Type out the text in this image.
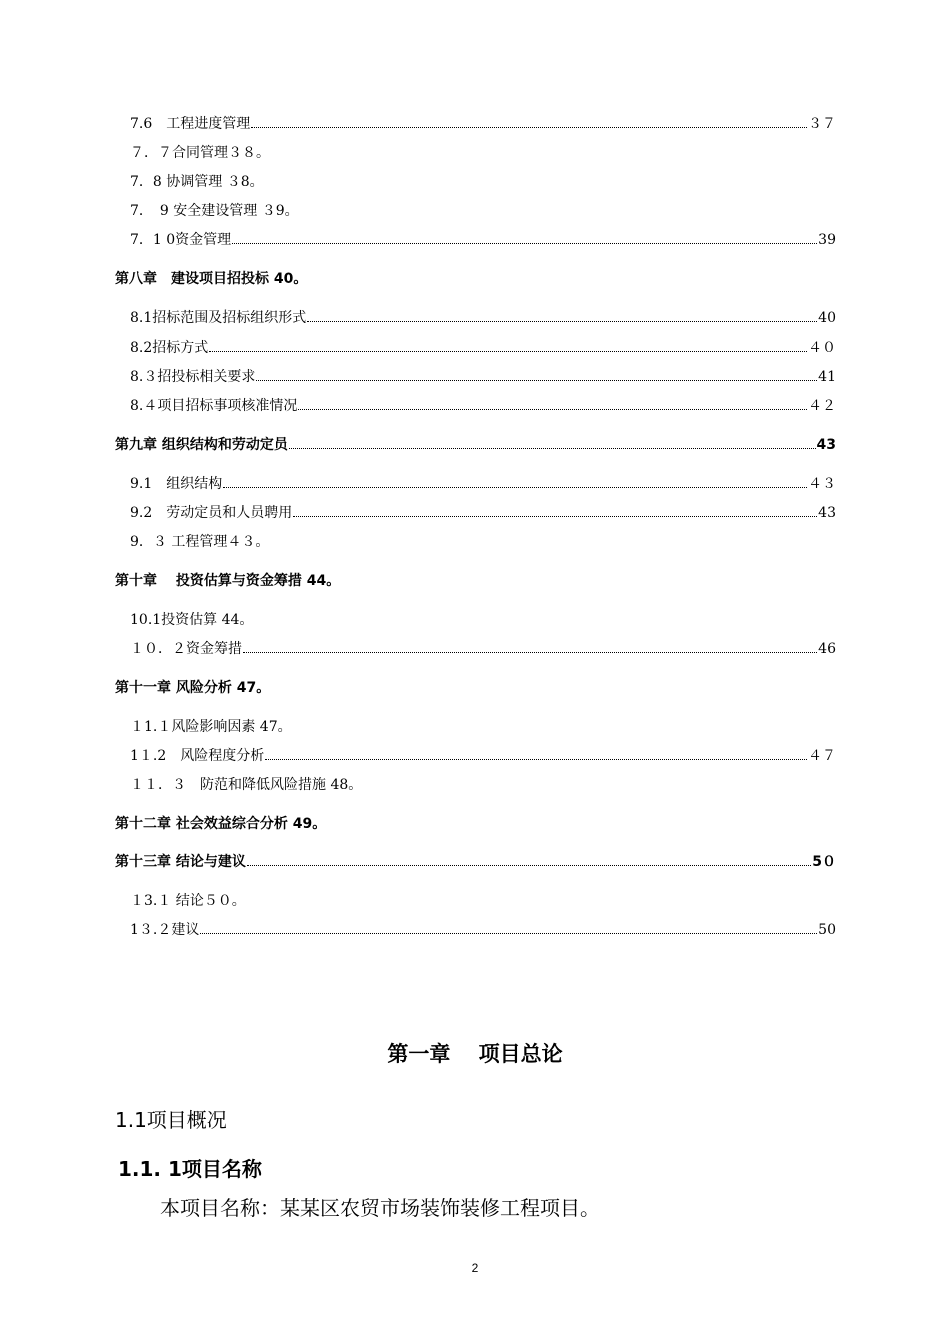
7.6　工程进度管理	３７
７．７合同管理３８。
7．8 协调管理 ３8。
7．　9 安全建设管理 ３9。
7．1 0资金管理	39
第八章　建设项目招投标 40。
8.1招标范围及招标组织形式	40
8.2招标方式	４０
8.３招投标相关要求	41
8.４项目招标事项核准情况	４２
第九章 组织结构和劳动定员	43
9.1　组织结构	４３
9.2　劳动定员和人员聘用	43
9．３ 工程管理４３。
第十章　 投资估算与资金筹措 44。
10.1投资估算 44。
１０．２资金筹措	46
第十一章 风险分析 47。
１1.１风险影响因素 47。
1１.2　风险程度分析	４７
１１．３　防范和降低风险措施 48。
第十二章 社会效益综合分析 49。
第十三章 结论与建议	5０
１3.１ 结论５０。
1３.２建议	50
第一章　 项目总论
1.1项目概况
1.1. 1项目名称
本项目名称：某某区农贸市场装饰装修工程项目。
2
